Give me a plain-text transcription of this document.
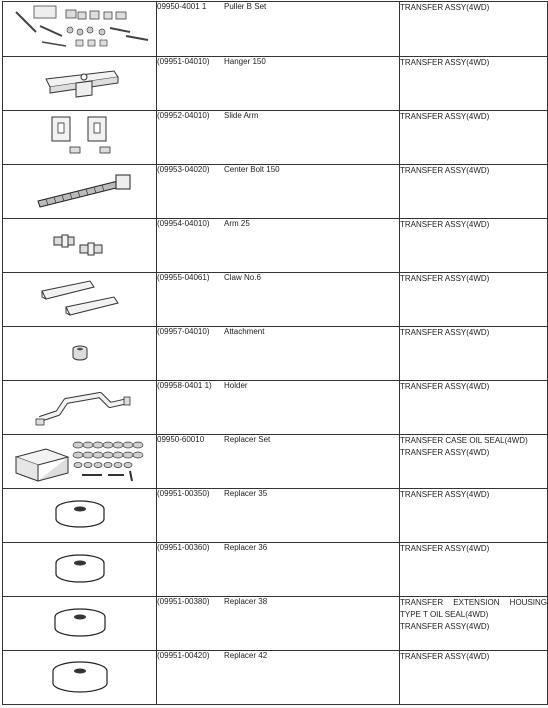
	09950-4001 1 Puller B Set	TRANSFER ASSY(4WD)

	(09951-04010) Hanger 150	TRANSFER ASSY(4WD)

	(09952-04010) Slide Arm	TRANSFER ASSY(4WD)

	(09953-04020) Center Bolt 150	TRANSFER ASSY(4WD)

	(09954-04010) Arm 25	TRANSFER ASSY(4WD)

	(09955-04061) Claw No.6	TRANSFER ASSY(4WD)

	(09957-04010) Attachment	TRANSFER ASSY(4WD)

	(09958-0401 1) Holder	TRANSFER ASSY(4WD)

	09950-60010 Replacer Set	TRANSFER CASE OIL SEAL(4WD)
TRANSFER ASSY(4WD)

	(09951-00350) Replacer 35	TRANSFER ASSY(4WD)

	(09951-00360) Replacer 36	TRANSFER ASSY(4WD)

	(09951-00380) Replacer 38	TRANSFER EXTENSION HOUSING
TYPE T OIL SEAL(4WD)
TRANSFER ASSY(4WD)

	(09951-00420) Replacer 42	TRANSFER ASSY(4WD)
